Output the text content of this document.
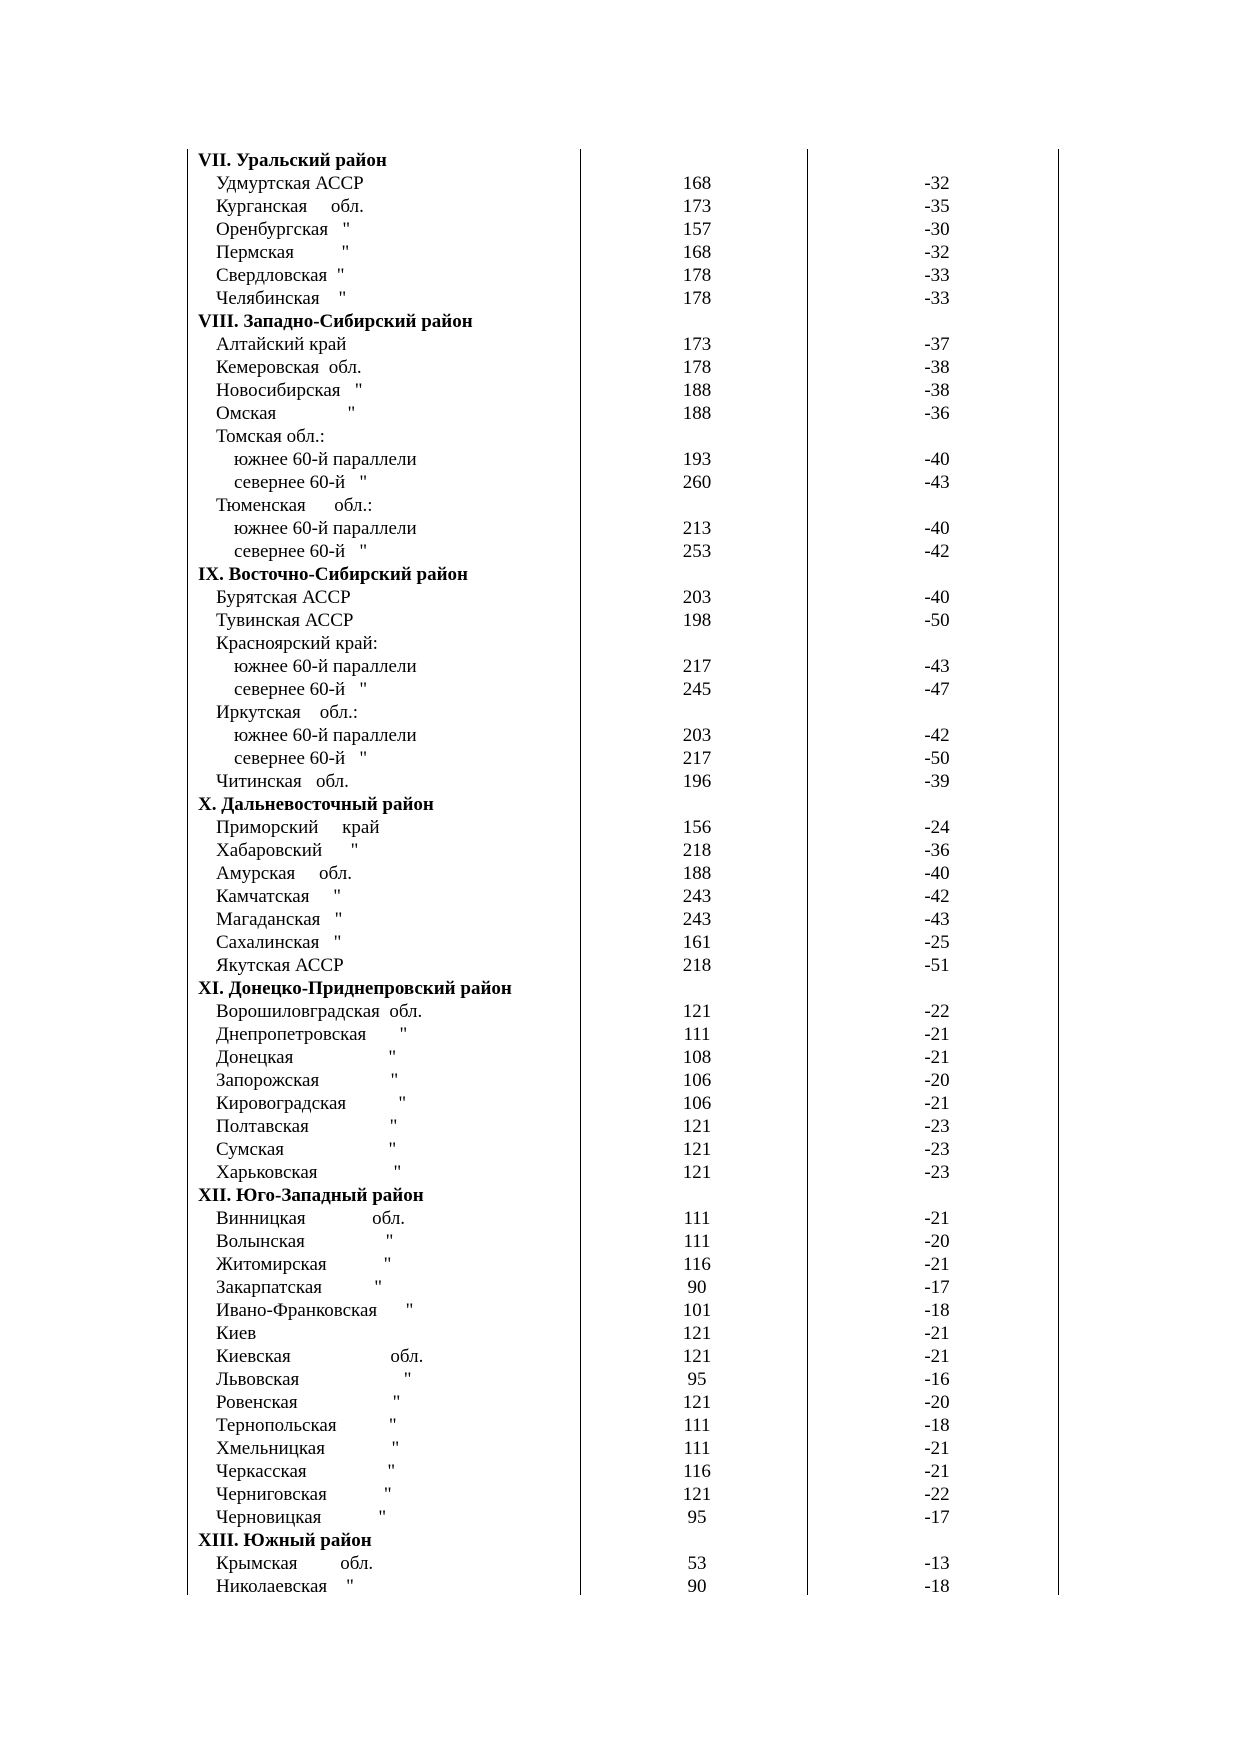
VII. Уральский район
Удмуртская АССР	168	-32
Курганская     обл.	173	-35
Оренбургская   "	157	-30
Пермская          "	168	-32
Свердловская  "	178	-33
Челябинская    "	178	-33
VIII. Западно-Сибирский район
Алтайский край	173	-37
Кемеровская  обл.	178	-38
Новосибирская   "	188	-38
Омская               "	188	-36
Томская обл.:
южнее 60-й параллели	193	-40
севернее 60-й   "	260	-43
Тюменская      обл.:
южнее 60-й параллели	213	-40
севернее 60-й   "	253	-42
IX. Восточно-Сибирский район
Бурятская АССР	203	-40
Тувинская АССР	198	-50
Красноярский край:
южнее 60-й параллели	217	-43
севернее 60-й   "	245	-47
Иркутская    обл.:
южнее 60-й параллели	203	-42
севернее 60-й   "	217	-50
Читинская   обл.	196	-39
X. Дальневосточный район
Приморский     край	156	-24
Хабаровский      "	218	-36
Амурская     обл.	188	-40
Камчатская     "	243	-42
Магаданская   "	243	-43
Сахалинская   "	161	-25
Якутская АССР	218	-51
XI. Донецко-Приднепровский район
Ворошиловградская  обл.	121	-22
Днепропетровская       "	111	-21
Донецкая                    "	108	-21
Запорожская               "	106	-20
Кировоградская           "	106	-21
Полтавская                 "	121	-23
Сумская                      "	121	-23
Харьковская                "	121	-23
XII. Юго-Западный район
Винницкая              обл.	111	-21
Волынская                 "	111	-20
Житомирская            "	116	-21
Закарпатская           "	90	-17
Ивано-Франковская      "	101	-18
Киев	121	-21
Киевская                     обл.	121	-21
Львовская                      "	95	-16
Ровенская                    "	121	-20
Тернопольская           "	111	-18
Хмельницкая              "	111	-21
Черкасская                 "	116	-21
Черниговская            "	121	-22
Черновицкая            "	95	-17
XIII. Южный район
Крымская         обл.	53	-13
Николаевская    "	90	-18
